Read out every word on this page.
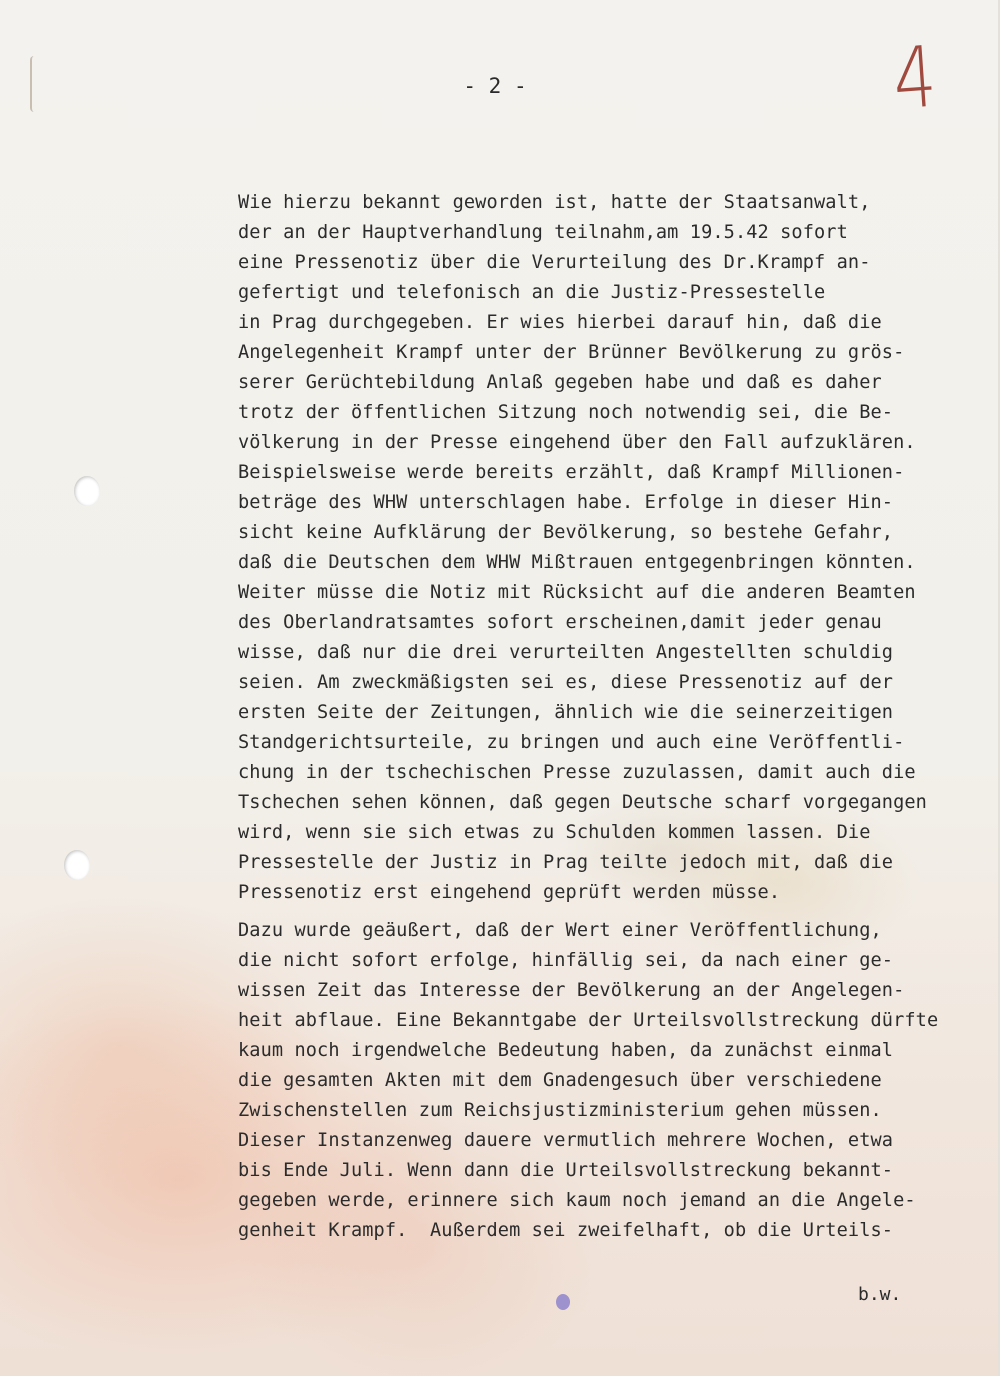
- 2 -	4
Wie hierzu bekannt geworden ist, hatte der Staatsanwalt,
der an der Hauptverhandlung teilnahm,am 19.5.42 sofort
eine Pressenotiz über die Verurteilung des Dr.Krampf an-
gefertigt und telefonisch an die Justiz-Pressestelle
in Prag durchgegeben. Er wies hierbei darauf hin, daß die
Angelegenheit Krampf unter der Brünner Bevölkerung zu grös-
serer Gerüchtebildung Anlaß gegeben habe und daß es daher
trotz der öffentlichen Sitzung noch notwendig sei, die Be-
völkerung in der Presse eingehend über den Fall aufzuklären.
Beispielsweise werde bereits erzählt, daß Krampf Millionen-
beträge des WHW unterschlagen habe. Erfolge in dieser Hin-
sicht keine Aufklärung der Bevölkerung, so bestehe Gefahr,
daß die Deutschen dem WHW Mißtrauen entgegenbringen könnten.
Weiter müsse die Notiz mit Rücksicht auf die anderen Beamten
des Oberlandratsamtes sofort erscheinen,damit jeder genau
wisse, daß nur die drei verurteilten Angestellten schuldig
seien. Am zweckmäßigsten sei es, diese Pressenotiz auf der
ersten Seite der Zeitungen, ähnlich wie die seinerzeitigen
Standgerichtsurteile, zu bringen und auch eine Veröffentli-
chung in der tschechischen Presse zuzulassen, damit auch die
Tschechen sehen können, daß gegen Deutsche scharf vorgegangen
wird, wenn sie sich etwas zu Schulden kommen lassen. Die
Pressestelle der Justiz in Prag teilte jedoch mit, daß die
Pressenotiz erst eingehend geprüft werden müsse.
Dazu wurde geäußert, daß der Wert einer Veröffentlichung,
die nicht sofort erfolge, hinfällig sei, da nach einer ge-
wissen Zeit das Interesse der Bevölkerung an der Angelegen-
heit abflaue. Eine Bekanntgabe der Urteilsvollstreckung dürfte
kaum noch irgendwelche Bedeutung haben, da zunächst einmal
die gesamten Akten mit dem Gnadengesuch über verschiedene
Zwischenstellen zum Reichsjustizministerium gehen müssen.
Dieser Instanzenweg dauere vermutlich mehrere Wochen, etwa
bis Ende Juli. Wenn dann die Urteilsvollstreckung bekannt-
gegeben werde, erinnere sich kaum noch jemand an die Angele-
genheit Krampf.  Außerdem sei zweifelhaft, ob die Urteils-
b.w.
